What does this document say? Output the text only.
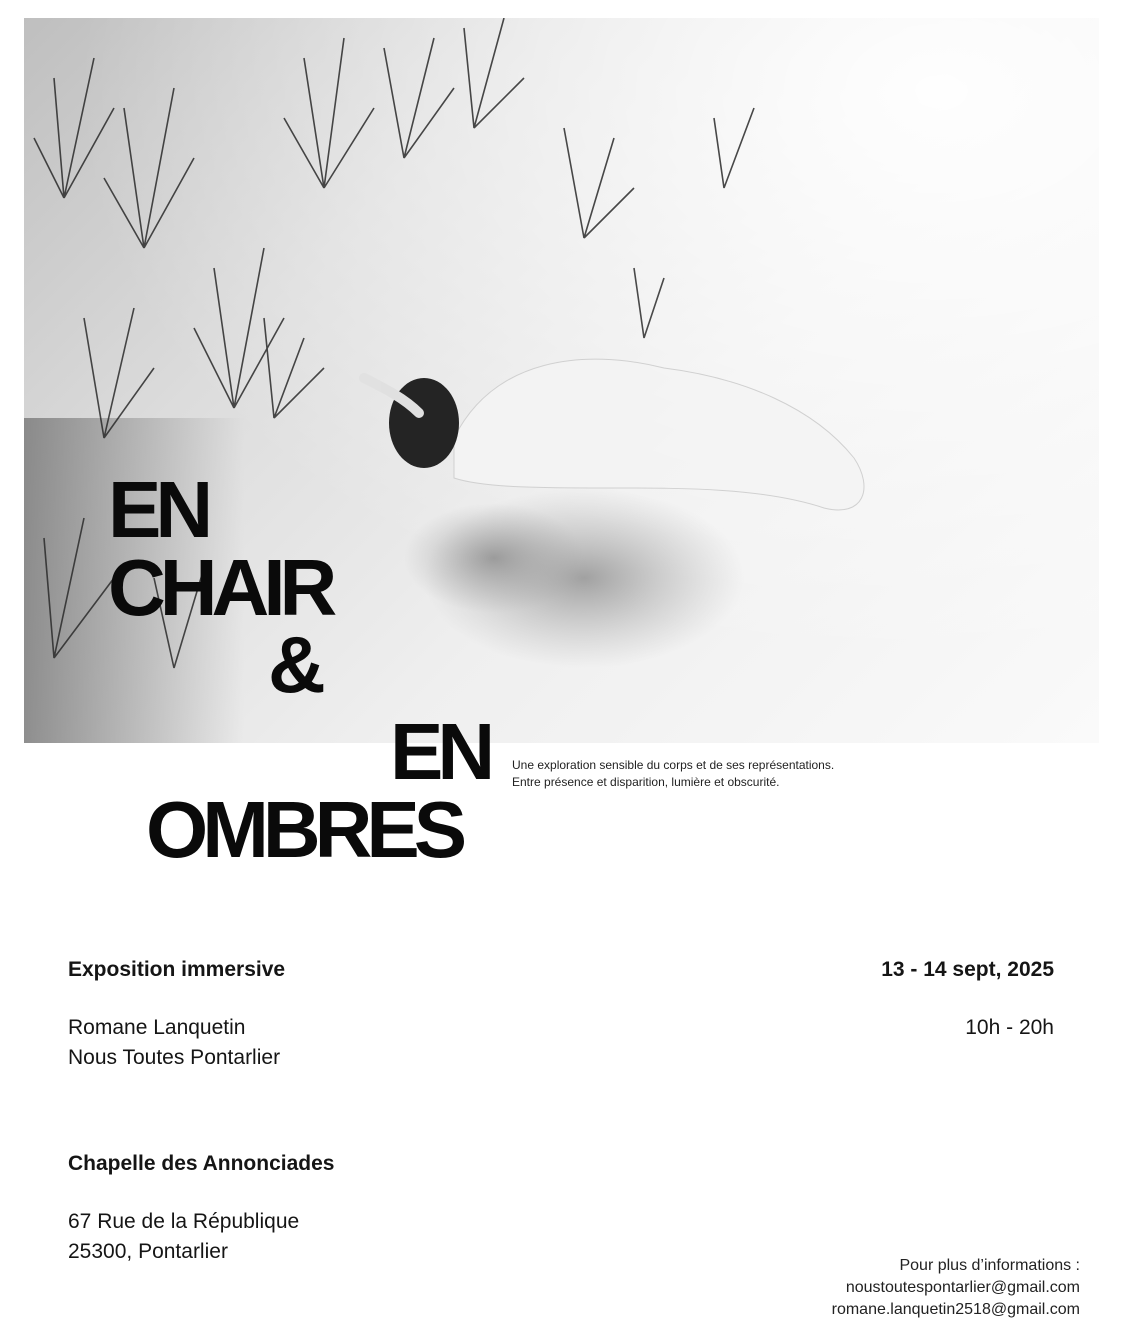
EN
CHAIR
&
EN
OMBRES
Une exploration sensible du corps et de ses représentations.
Entre présence et disparition, lumière et obscurité.
Exposition immersive
Romane Lanquetin
Nous Toutes Pontarlier
13 - 14 sept, 2025
10h - 20h
Chapelle des Annonciades
67 Rue de la République
25300, Pontarlier
Pour plus d’informations :
noustoutespontarlier@gmail.com
romane.lanquetin2518@gmail.com
